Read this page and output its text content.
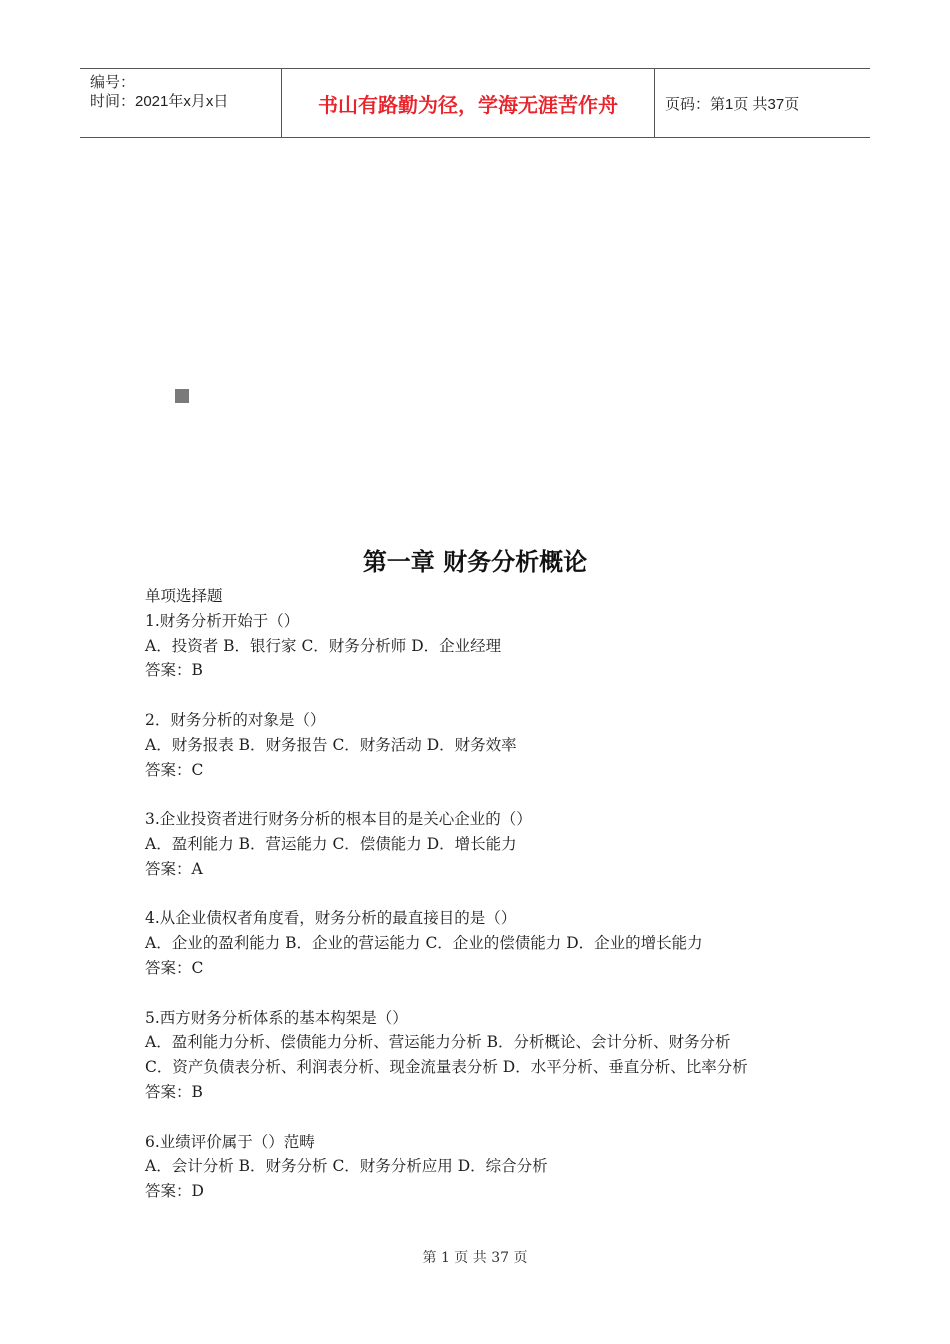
编号：
时间：2021年x月x日	书山有路勤为径，学海无涯苦作舟	页码：第1页 共37页
第一章 财务分析概论
单项选择题
1.财务分析开始于（）
A．投资者 B．银行家 C．财务分析师 D．企业经理
答案：B
2．财务分析的对象是（）
A．财务报表 B．财务报告 C．财务活动 D．财务效率
答案：C
3.企业投资者进行财务分析的根本目的是关心企业的（）
A．盈利能力 B．营运能力 C．偿债能力 D．增长能力
答案：A
4.从企业债权者角度看，财务分析的最直接目的是（）
A．企业的盈利能力 B．企业的营运能力 C．企业的偿债能力 D．企业的增长能力
答案：C
5.西方财务分析体系的基本构架是（）
A．盈利能力分析、偿债能力分析、营运能力分析 B．分析概论、会计分析、财务分析
C．资产负债表分析、利润表分析、现金流量表分析 D．水平分析、垂直分析、比率分析
答案：B
6.业绩评价属于（）范畴
A．会计分析 B．财务分析 C．财务分析应用 D．综合分析
答案：D
第 1 页 共 37 页
